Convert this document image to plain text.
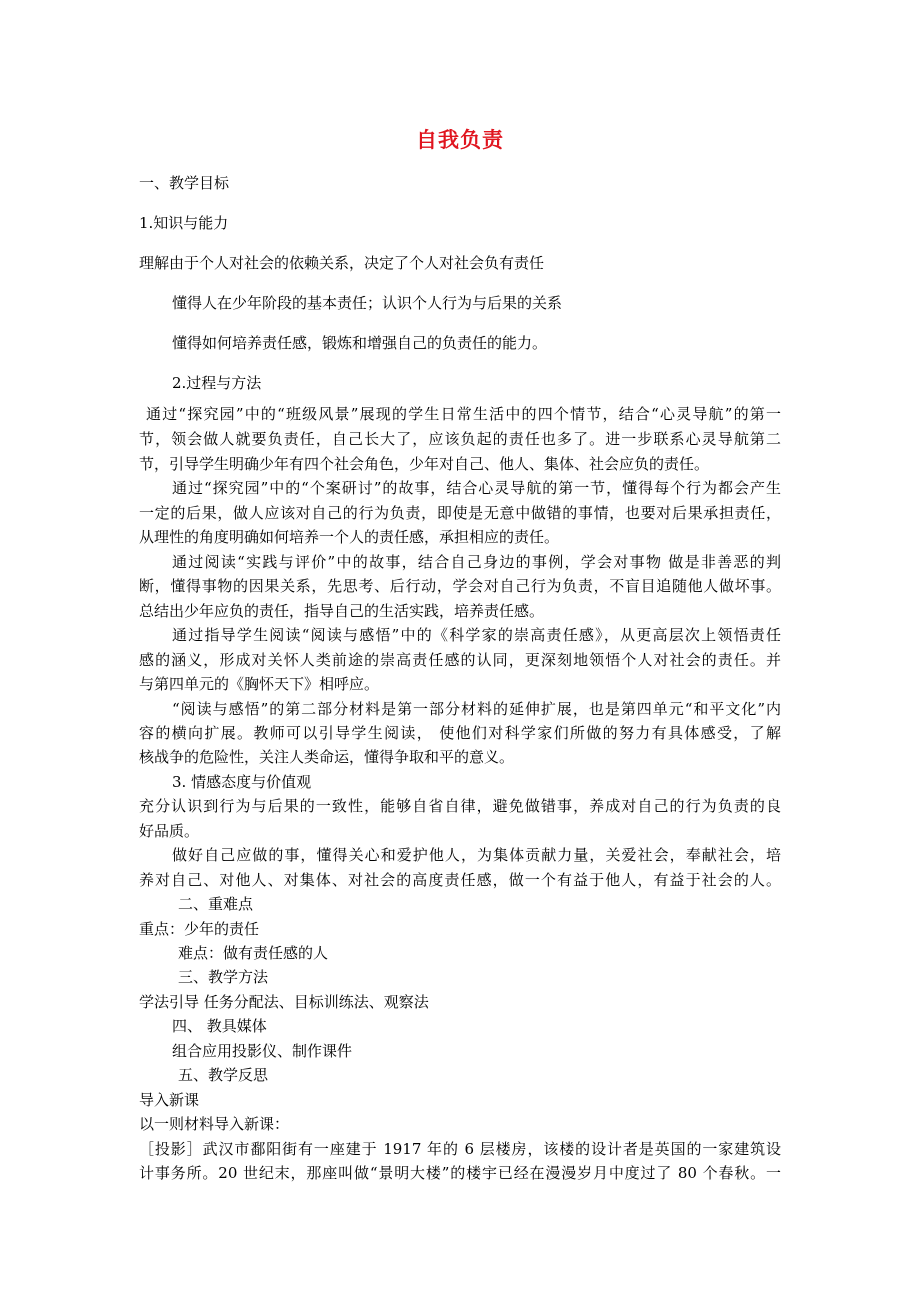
自我负责
一、教学目标
1.知识与能力
理解由于个人对社会的依赖关系，决定了个人对社会负有责任
懂得人在少年阶段的基本责任；认识个人行为与后果的关系
懂得如何培养责任感，锻炼和增强自己的负责任的能力。
2.过程与方法
通过“探究园”中的“班级风景”展现的学生日常生活中的四个情节，结合“心灵导航”的第一
节，领会做人就要负责任，自己长大了，应该负起的责任也多了。进一步联系心灵导航第二
节，引导学生明确少年有四个社会角色，少年对自己、他人、集体、社会应负的责任。
通过“探究园”中的“个案研讨”的故事，结合心灵导航的第一节，懂得每个行为都会产生
一定的后果，做人应该对自己的行为负责，即使是无意中做错的事情，也要对后果承担责任，
从理性的角度明确如何培养一个人的责任感，承担相应的责任。
通过阅读“实践与评价”中的故事，结合自己身边的事例，学会对事物 做是非善恶的判
断，懂得事物的因果关系，先思考、后行动，学会对自己行为负责，不盲目追随他人做坏事。
总结出少年应负的责任，指导自己的生活实践，培养责任感。
通过指导学生阅读“阅读与感悟”中的《科学家的崇高责任感》，从更高层次上领悟责任
感的涵义，形成对关怀人类前途的崇高责任感的认同，更深刻地领悟个人对社会的责任。并
与第四单元的《胸怀天下》相呼应。
“阅读与感悟”的第二部分材料是第一部分材料的延伸扩展，也是第四单元“和平文化”内
容的横向扩展。教师可以引导学生阅读， 使他们对科学家们所做的努力有具体感受，了解
核战争的危险性，关注人类命运，懂得争取和平的意义。
3. 情感态度与价值观
充分认识到行为与后果的一致性，能够自省自律，避免做错事，养成对自己的行为负责的良
好品质。
做好自己应做的事，懂得关心和爱护他人，为集体贡献力量，关爱社会，奉献社会，培
养对自己、对他人、对集体、对社会的高度责任感，做一个有益于他人，有益于社会的人。
二、重难点
重点：少年的责任
难点：做有责任感的人
三、教学方法
学法引导 任务分配法、目标训练法、观察法
四、 教具媒体
组合应用投影仪、制作课件
五、教学反思
导入新课
以一则材料导入新课：
［投影］武汉市鄱阳街有一座建于 1917 年的 6 层楼房，该楼的设计者是英国的一家建筑设
计事务所。20 世纪末，那座叫做“景明大楼”的楼宇已经在漫漫岁月中度过了 80 个春秋。一
